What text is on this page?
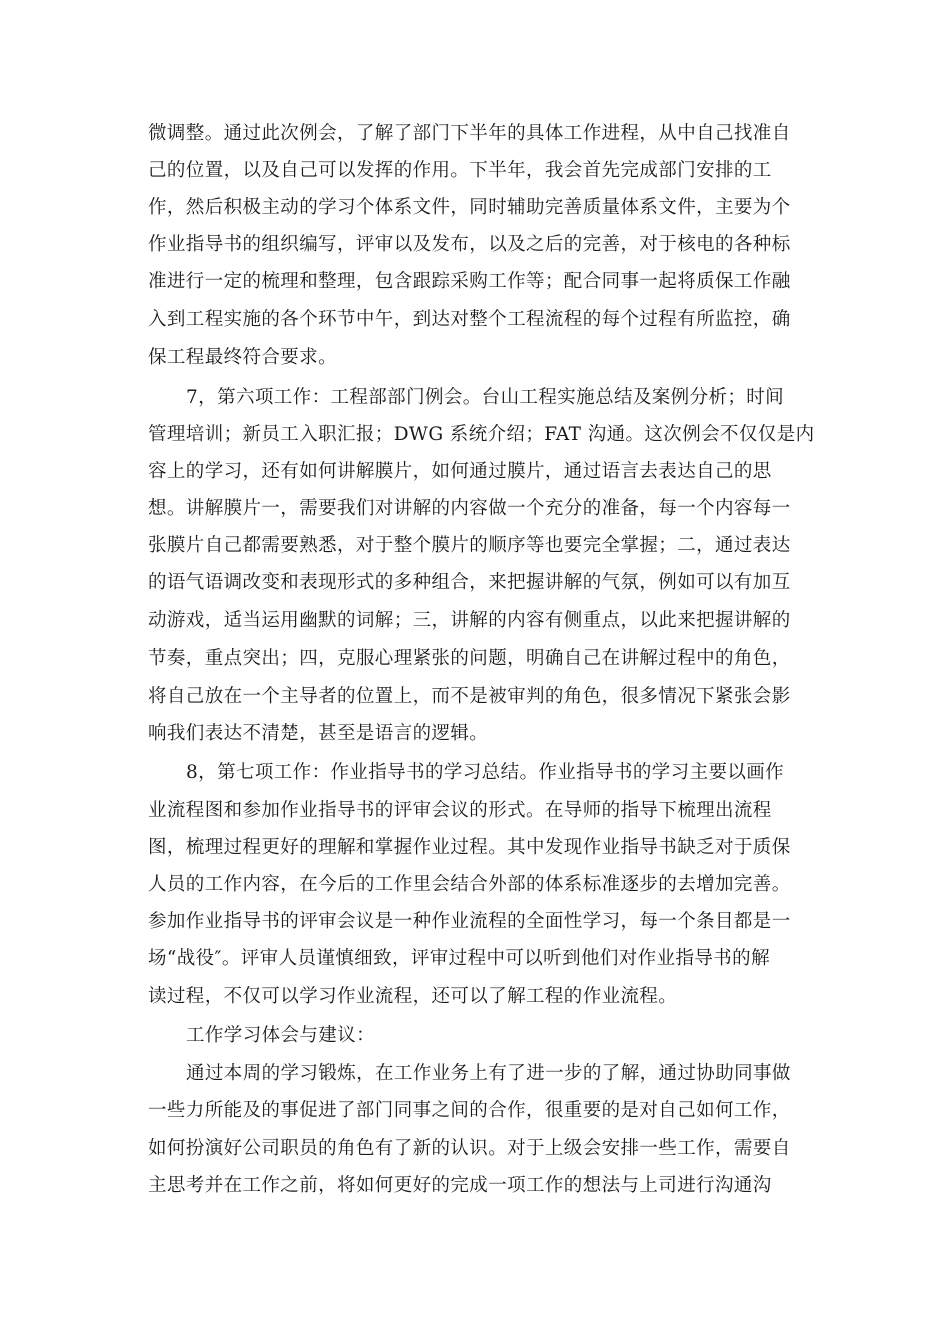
微调整。通过此次例会，了解了部门下半年的具体工作进程，从中自己找准自
己的位置，以及自己可以发挥的作用。下半年，我会首先完成部门安排的工
作，然后积极主动的学习个体系文件，同时辅助完善质量体系文件，主要为个
作业指导书的组织编写，评审以及发布，以及之后的完善，对于核电的各种标
准进行一定的梳理和整理，包含跟踪采购工作等；配合同事一起将质保工作融
入到工程实施的各个环节中午，到达对整个工程流程的每个过程有所监控，确
保工程最终符合要求。
7，第六项工作：工程部部门例会。台山工程实施总结及案例分析；时间
管理培训；新员工入职汇报；DWG 系统介绍；FAT 沟通。这次例会不仅仅是内
容上的学习，还有如何讲解膜片，如何通过膜片，通过语言去表达自己的思
想。讲解膜片一，需要我们对讲解的内容做一个充分的准备，每一个内容每一
张膜片自己都需要熟悉，对于整个膜片的顺序等也要完全掌握；二，通过表达
的语气语调改变和表现形式的多种组合，来把握讲解的气氛，例如可以有加互
动游戏，适当运用幽默的词解；三，讲解的内容有侧重点，以此来把握讲解的
节奏，重点突出；四，克服心理紧张的问题，明确自己在讲解过程中的角色，
将自己放在一个主导者的位置上，而不是被审判的角色，很多情况下紧张会影
响我们表达不清楚，甚至是语言的逻辑。
8，第七项工作：作业指导书的学习总结。作业指导书的学习主要以画作
业流程图和参加作业指导书的评审会议的形式。在导师的指导下梳理出流程
图，梳理过程更好的理解和掌握作业过程。其中发现作业指导书缺乏对于质保
人员的工作内容，在今后的工作里会结合外部的体系标准逐步的去增加完善。
参加作业指导书的评审会议是一种作业流程的全面性学习，每一个条目都是一
场“战役″。评审人员谨慎细致，评审过程中可以听到他们对作业指导书的解
读过程，不仅可以学习作业流程，还可以了解工程的作业流程。
工作学习体会与建议：
通过本周的学习锻炼，在工作业务上有了进一步的了解，通过协助同事做
一些力所能及的事促进了部门同事之间的合作，很重要的是对自己如何工作，
如何扮演好公司职员的角色有了新的认识。对于上级会安排一些工作，需要自
主思考并在工作之前，将如何更好的完成一项工作的想法与上司进行沟通沟
